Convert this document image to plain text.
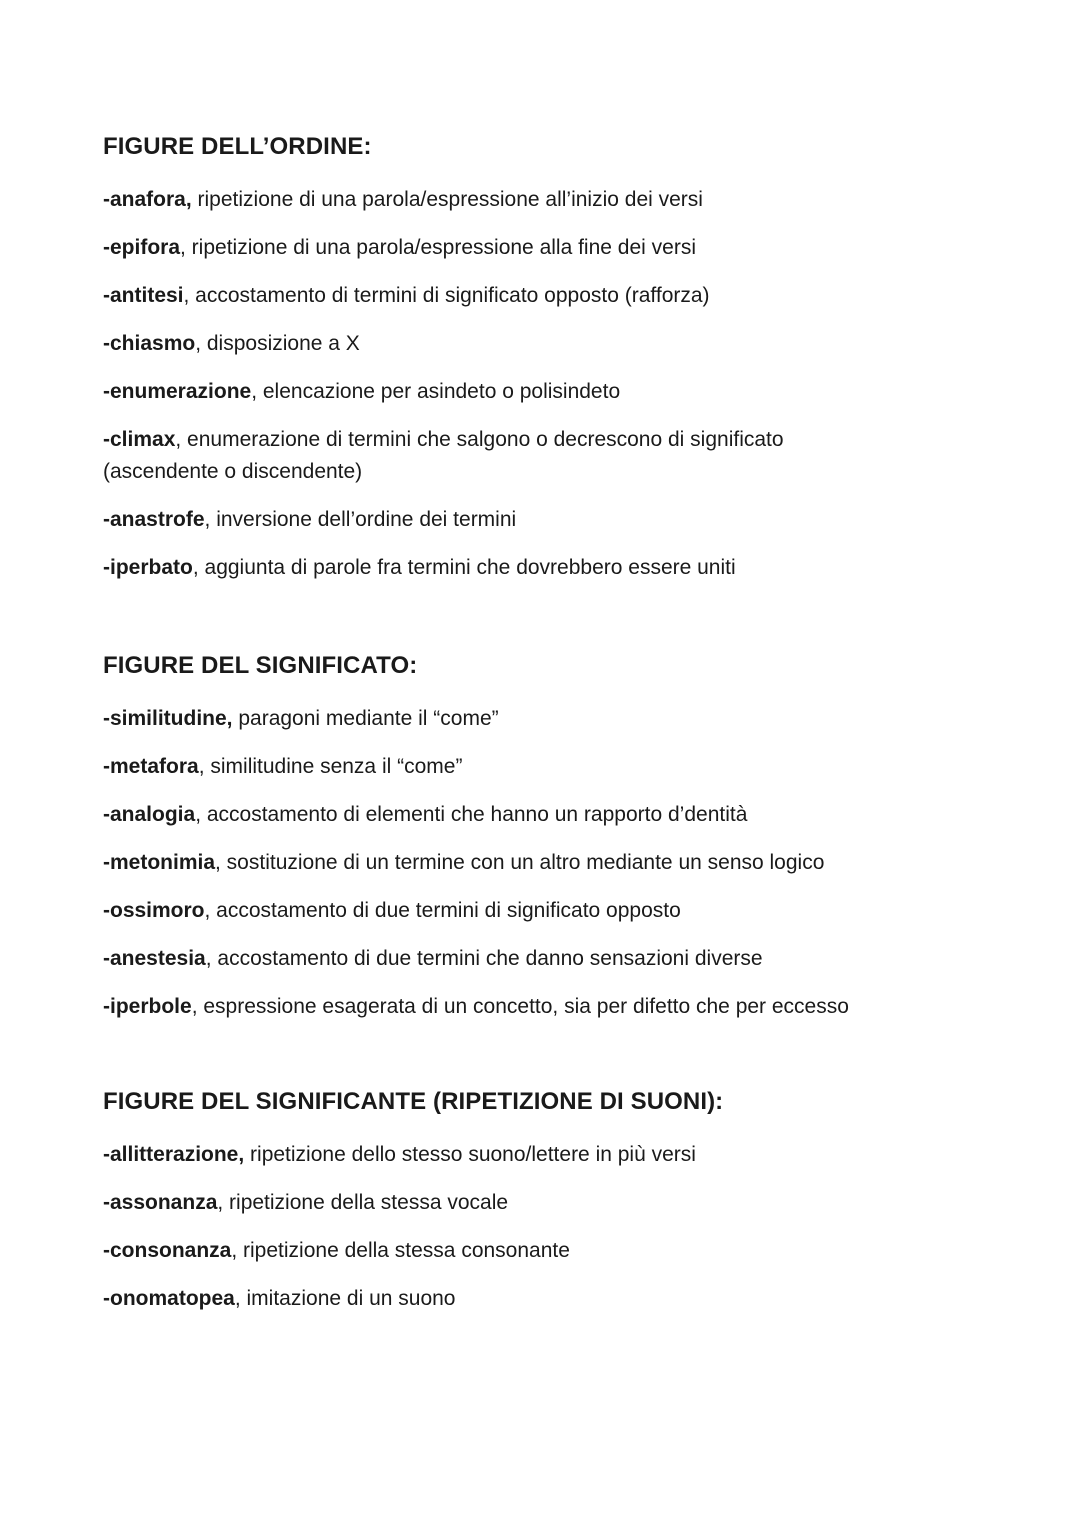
FIGURE DELL’ORDINE:
-anafora, ripetizione di una parola/espressione all’inizio dei versi
-epifora, ripetizione di una parola/espressione alla fine dei versi
-antitesi, accostamento di termini di significato opposto (rafforza)
-chiasmo, disposizione a X
-enumerazione, elencazione per asindeto o polisindeto
-climax, enumerazione di termini che salgono o decrescono di significato (ascendente o discendente)
-anastrofe, inversione dell’ordine dei termini
-iperbato, aggiunta di parole fra termini che dovrebbero essere uniti
FIGURE DEL SIGNIFICATO:
-similitudine, paragoni mediante il “come”
-metafora, similitudine senza il “come”
-analogia, accostamento di elementi che hanno un rapporto d’dentità
-metonimia, sostituzione di un termine con un altro mediante un senso logico
-ossimoro, accostamento di due termini di significato opposto
-anestesia, accostamento di due termini che danno sensazioni diverse
-iperbole, espressione esagerata di un concetto, sia per difetto che per eccesso
FIGURE DEL SIGNIFICANTE (RIPETIZIONE DI SUONI):
-allitterazione, ripetizione dello stesso suono/lettere in più versi
-assonanza, ripetizione della stessa vocale
-consonanza, ripetizione della stessa consonante
-onomatopea, imitazione di un suono
